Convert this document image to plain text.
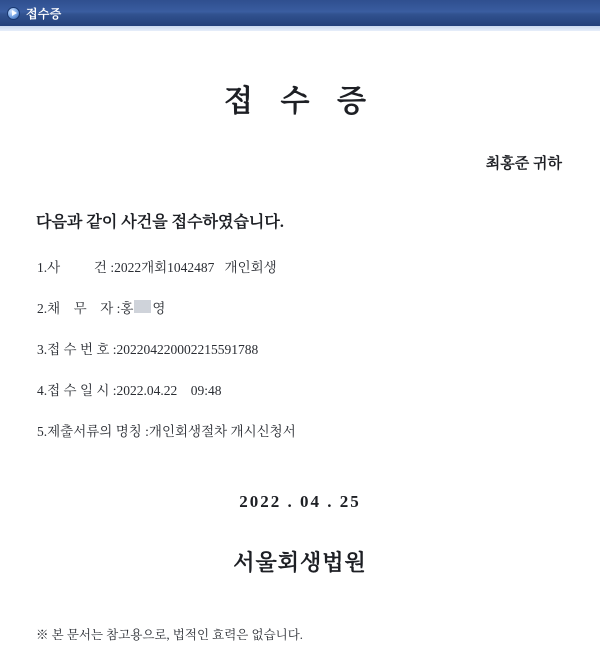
접수증
접 수 증
최홍준 귀하
다음과 같이 사건을 접수하였습니다.
1. 사          건 : 2022개회1042487   개인회생
2. 채    무    자 : 홍 영
3. 접 수 번 호 : 202204220002215591788
4. 접 수 일 시 : 2022.04.22    09:48
5. 제출서류의 명칭 : 개인회생절차 개시신청서
2022 . 04 . 25
서울회생법원
※ 본 문서는 참고용으로, 법적인 효력은 없습니다.
